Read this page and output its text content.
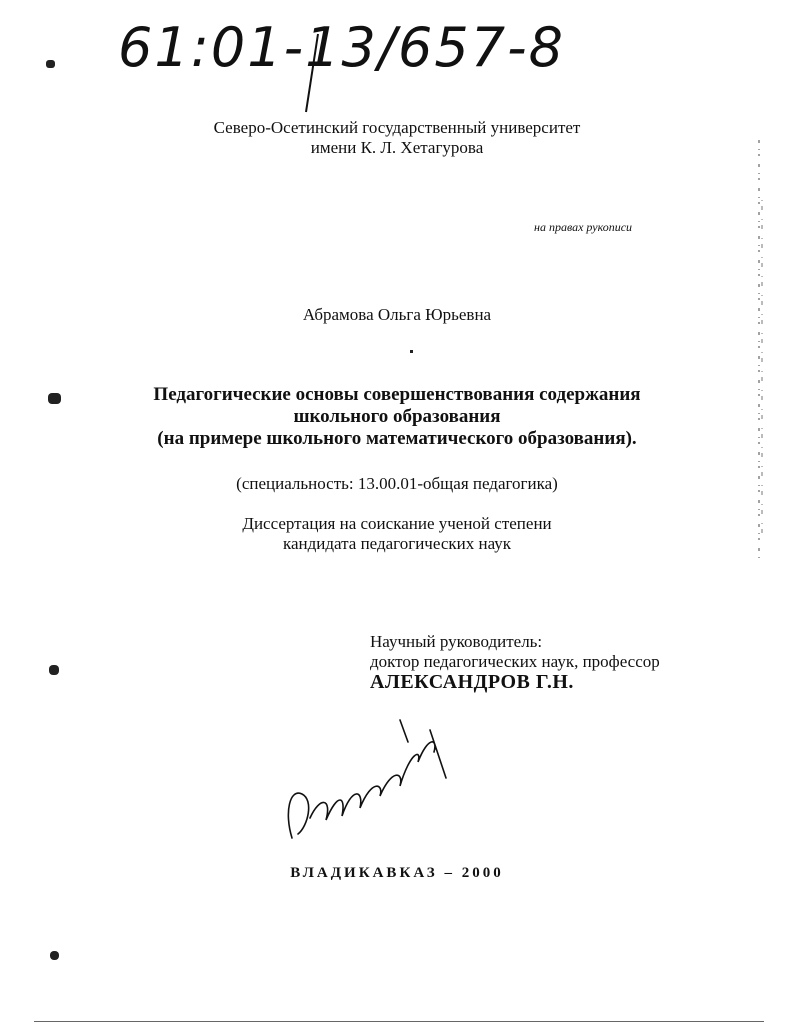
61:01-13/657-8
Северо-Осетинский государственный университет
имени К. Л. Хетагурова
на правах рукописи
Абрамова Ольга Юрьевна
Педагогические основы совершенствования содержания
школьного образования
(на примере школьного математического образования).
(специальность: 13.00.01-общая педагогика)
Диссертация на соискание ученой степени
кандидата педагогических наук
Научный руководитель:
доктор педагогических наук, профессор
АЛЕКСАНДРОВ Г.Н.
ВЛАДИКАВКАЗ – 2000
